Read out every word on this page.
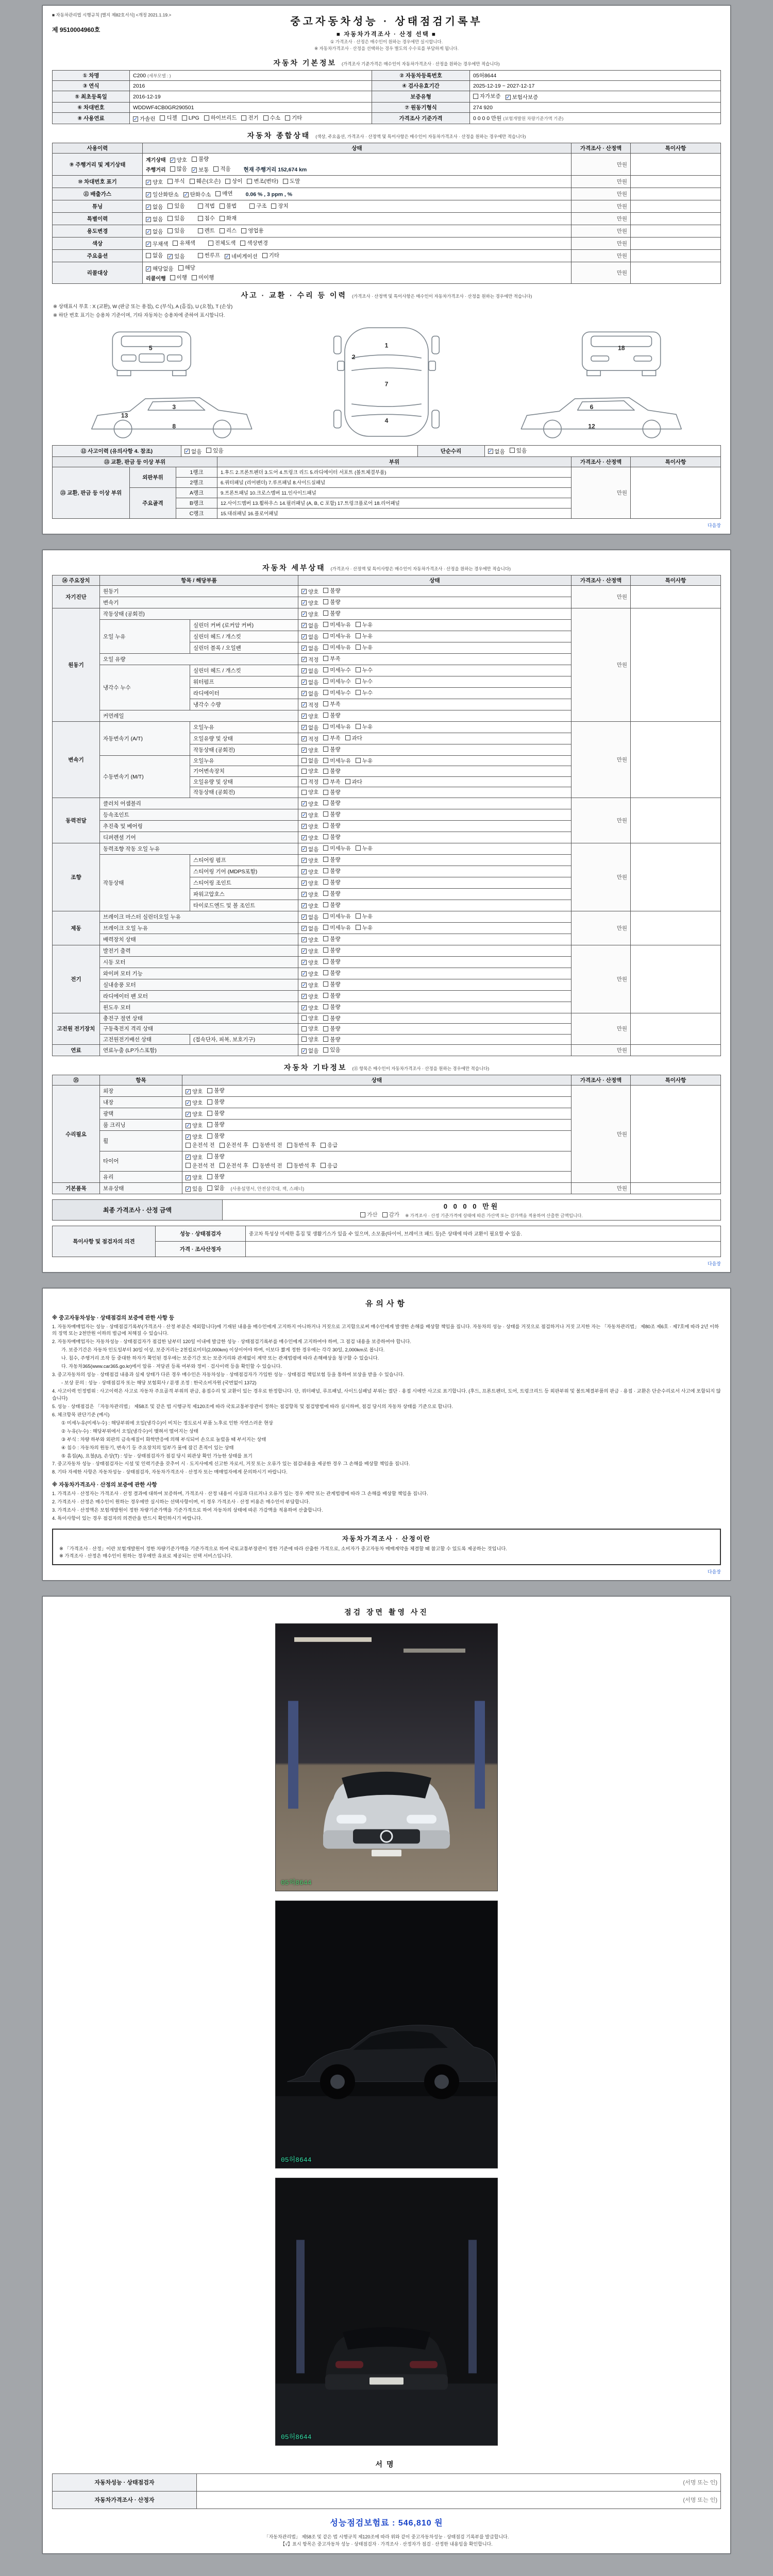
■ 자동차관리법 시행규칙 [별지 제82호서식] <개정 2021.1.19.>
제 9510004960호
중고자동차성능 · 상태점검기록부
■ 자동차가격조사 · 산정 선택 ■
① 가격조사 · 산정은 매수인이 원하는 경우에만 실시합니다.
※ 자동차가격조사 · 산정을 선택하는 경우 별도의 수수료를 부담하게 됩니다.
자동차 기본정보 (가격조사 기준가격은 매수인이 자동차가격조사 · 산정을 원하는 경우에만 적습니다)
① 차명	C200 (세부모델 : )	② 자동차등록번호	05허8644
③ 연식	2016	④ 검사유효기간	2025-12-19 ~ 2027-12-17
⑤ 최초등록일	2016-12-19	보증유형	자가보증 ✓ 보험사보증

⑥ 차대번호	WDDWF4CB0GR290501	⑦ 원동기형식	274 920
⑧ 사용연료	✓ 가솔린 디젤 LPG 하이브리드 전기 수소 기타	가격조사 기준가격	0 0 0 0 만원 (보험개발원 차량기준가액 기준)
자동차 종합상태 (색상, 주요옵션, 가격조사 · 산정액 및 특이사항은 매수인이 자동차가격조사 · 산정을 원하는 경우에만 적습니다)
사용이력	상태	가격조사 · 산정액	특이사항
⑨ 주행거리 및 계기상태	
계기상태 ✓ 양호 불량
주행거리 많음 ✓ 보통 적음 현재 주행거리 152,674 km
	만원	
⑩ 차대번호 표기	✓ 양호 부식 훼손(오손) 상이 변조(변타) 도말	만원	
⑪ 배출가스	✓ 일산화탄소 ✓ 탄화수소 매연 0.06 % , 3 ppm , %	만원	
튜닝	✓ 없음 있음	적법 불법	구조 장치	만원	
특별이력	✓ 없음 있음 침수 화재	만원	
용도변경	✓ 없음 있음	렌트 리스 영업용	만원	
색상	✓ 무채색 유채색 전체도색 색상변경	만원	
주요옵션	없음 ✓ 있음	썬루프 ✓ 네비게이션 기타	만원	
리콜대상	
✓ 해당없음 해당
리콜이행 이행 미이행
	만원	
사고 · 교환 · 수리 등 이력 (가격조사 · 산정액 및 특이사항은 매수인이 자동차가격조사 · 산정을 원하는 경우에만 적습니다)
※ 상태표시 부호 : X (교환), W (판금 또는 용접), C (부식), A (흠집), U (요철), T (손상)
※ 하단 번호 표기는 승용차 기준이며, 기타 자동차는 승용차에 준하여 표시합니다.
1
2
3
4
5
6
7
8	12
13
18
⑫ 사고이력 (유의사항 4. 참조)	✓ 없음 있음	단순수리	✓ 없음 있음
⑬ 교환, 판금 등 이상 부위			부위	가격조사 · 산정액	특이사항
⑬ 교환, 판금 등 이상 부위	외판부위	1랭크	1.후드 2.프론트펜더 3.도어 4.트렁크 리드 5.라디에이터 서포트 (볼트체결부품)	만원	
		2랭크	6.쿼터패널 (리어펜더) 7.루프패널 8.사이드실패널		
	주요골격	A랭크	9.프론트패널 10.크로스멤버 11.인사이드패널		
		B랭크	12.사이드멤버 13.휠하우스 14.필러패널 (A, B, C 포함) 17.트렁크플로어 18.리어패널		
		C랭크	15.대쉬패널 16.플로어패널		
다음장
자동차 세부상태 (가격조사 · 산정액 및 특이사항은 매수인이 자동차가격조사 · 산정을 원하는 경우에만 적습니다)
⑭ 주요장치	항목 / 해당부품		상태	가격조사 · 산정액	특이사항
자기진단	원동기		✓ 양호 불량	만원	
	변속기		✓ 양호 불량		

원동기	작동상태 (공회전)		✓ 양호 불량	만원	
	오일 누유	실린더 커버 (로커암 커버)	✓ 없음 미세누유 누유		

		실린더 헤드 / 개스킷	✓ 없음 미세누유 누유		

		실린더 블록 / 오일팬	✓ 없음 미세누유 누유		

	오일 유량		✓ 적정 부족		

	냉각수 누수	실린더 헤드 / 개스킷	✓ 없음 미세누수 누수		

		워터펌프	✓ 없음 미세누수 누수		

		라디에이터	✓ 없음 미세누수 누수		

		냉각수 수량	✓ 적정 부족		

	커먼레일		✓ 양호 불량		

변속기	자동변속기 (A/T)	오일누유	✓ 없음 미세누유 누유	만원	
		오일유량 및 상태	✓ 적정 부족 과다		

		작동상태 (공회전)	✓ 양호 불량		

	수동변속기 (M/T)	오일누유	없음 미세누유 누유		

		기어변속장치	양호 불량		

		오일유량 및 상태	적정 부족 과다		

		작동상태 (공회전)	양호 불량		

동력전달	클러치 어셈블리		✓ 양호 불량	만원	
	등속조인트		✓ 양호 불량		

	추진축 및 베어링		✓ 양호 불량		

	디퍼렌셜 기어		✓ 양호 불량		

조향	동력조향 작동 오일 누유		✓ 없음 미세누유 누유	만원	
	작동상태	스티어링 펌프	✓ 양호 불량		

		스티어링 기어 (MDPS포함)	✓ 양호 불량		

		스티어링 조인트	✓ 양호 불량		

		파워고압호스	✓ 양호 불량		

		타이로드엔드 및 볼 조인트	✓ 양호 불량		

제동	브레이크 마스터 실린더오일 누유		✓ 없음 미세누유 누유	만원	
	브레이크 오일 누유		✓ 없음 미세누유 누유		

	배력장치 상태		✓ 양호 불량		

전기	발전기 출력		✓ 양호 불량	만원	
	시동 모터		✓ 양호 불량		

	와이퍼 모터 기능		✓ 양호 불량		

	실내송풍 모터		✓ 양호 불량		

	라디에이터 팬 모터		✓ 양호 불량		

	윈도우 모터		✓ 양호 불량		

고전원 전기장치	충전구 절연 상태		양호 불량	만원	
	구동축전지 격리 상태		양호 불량		

	고전원전기배선 상태	(접속단자, 피복, 보호기구)	양호 불량		

연료	연료누출 (LP가스포함)		✓ 없음 있음	만원	
자동차 기타정보 (⑮ 항목은 매수인이 자동차가격조사 · 산정을 원하는 경우에만 적습니다)
⑮	항목	상태	가격조사 · 산정액	특이사항
수리필요	외장	✓ 양호 불량	만원	
	내장	✓ 양호 불량		

	광택	✓ 양호 불량		

	룸 크리닝	✓ 양호 불량		

휠	
✓ 양호 불량
운전석 전 운전석 후 동반석 전 동반석 후 응급

타이어	
✓ 양호 불량
운전석 전 운전석 후 동반석 전 동반석 후 응급

	유리	✓ 양호 불량		

기본품목	보유상태	✓ 있음 없음 (사용설명서, 안전삼각대, 잭, 스패너)	만원	
최종 가격조사 · 산정 금액	0 0 0 0 만원
가산 감가 ※ 가격조사 · 산정 기준가격에 상태에 따른 가산액 또는 감가액을 적용하여 산출한 금액입니다.
특이사항 및 점검자의 의견	성능 · 상태점검자	중고차 특성상 미세한 흠집 및 생활기스가 있을 수 있으며, 소모품(타이어, 브레이크 패드 등)은 상태에 따라 교환이 필요할 수 있음.
	가격 · 조사산정자	
다음장
유의사항
※ 중고자동차성능 · 상태점검의 보증에 관한 사항 등
1. 자동차매매업자는 성능 · 상태점검기록부(가격조사 · 산정 부분은 제외합니다)에 기재된 내용을 매수인에게 고지하지 아니하거나 거짓으로 고지함으로써 매수인에게 발생한 손해를 배상할 책임을 집니다. 자동차의 성능 · 상태를 거짓으로 점검하거나 거짓 고지한 자는 「자동차관리법」 제80조 제6호 · 제7호에 따라 2년 이하의 징역 또는 2천만원 이하의 벌금에 처해질 수 있습니다.
2. 자동차매매업자는 자동차성능 · 상태점검자가 점검한 날부터 120일 이내에 발급한 성능 · 상태점검기록부를 매수인에게 고지하여야 하며, 그 점검 내용을 보증하여야 합니다.
가. 보증기간은 자동차 인도일부터 30일 이상, 보증거리는 2천킬로미터(2,000km) 이상이어야 하며, 이보다 짧게 정한 경우에는 각각 30일, 2,000km로 봅니다.
나. 침수, 주행거리 조작 등 중대한 하자가 확인된 경우에는 보증기간 또는 보증거리와 관계없이 계약 또는 관계법령에 따라 손해배상을 청구할 수 있습니다.
다. 자동차365(www.car365.go.kr)에서 압류 · 저당권 등록 여부와 정비 · 검사이력 등을 확인할 수 있습니다.
3. 중고자동차의 성능 · 상태점검 내용과 실제 상태가 다른 경우 매수인은 자동차성능 · 상태점검자가 가입한 성능 · 상태점검 책임보험 등을 통하여 보상을 받을 수 있습니다.
- 보상 문의 : 성능 · 상태점검자 또는 해당 보험회사 / 분쟁 조정 : 한국소비자원 (국번없이 1372)
4. 사고이력 인정범위 : 사고이력은 사고로 자동차 주요골격 부위의 판금, 용접수리 및 교환이 있는 경우로 한정합니다. 단, 쿼터패널, 루프패널, 사이드실패널 부위는 절단 · 용접 시에만 사고로 표기합니다. (후드, 프론트펜더, 도어, 트렁크리드 등 외판부위 및 볼트체결부품의 판금 · 용접 · 교환은 단순수리로서 사고에 포함되지 않습니다)
5. 성능 · 상태점검은 「자동차관리법」 제58조 및 같은 법 시행규칙 제120조에 따라 국토교통부장관이 정하는 점검항목 및 점검방법에 따라 실시하며, 점검 당시의 자동차 상태를 기준으로 합니다.
6. 체크항목 판단기준 (예시)
① 미세누유(미세누수) : 해당부위에 오일(냉각수)이 비치는 정도로서 부품 노후로 인한 자연스러운 현상
② 누유(누수) : 해당부위에서 오일(냉각수)이 맺혀서 떨어지는 상태
③ 부식 : 차량 하부와 외판의 금속재질이 화학반응에 의해 부식되어 손으로 눌렀을 때 부서지는 상태
④ 침수 : 자동차의 원동기, 변속기 등 주요장치의 일부가 물에 잠긴 흔적이 있는 상태
⑤ 흠집(A), 요철(U), 손상(T) : 성능 · 상태점검자가 점검 당시 외관상 확인 가능한 상태를 표기
7. 중고자동차 성능 · 상태점검자는 시설 및 인력기준을 갖추어 시 · 도지사에게 신고한 자로서, 거짓 또는 오류가 있는 점검내용을 제공한 경우 그 손해를 배상할 책임을 집니다.
8. 기타 자세한 사항은 자동차성능 · 상태점검자, 자동차가격조사 · 산정자 또는 매매업자에게 문의하시기 바랍니다.
※ 자동차가격조사 · 산정의 보증에 관한 사항
1. 가격조사 · 산정자는 가격조사 · 산정 결과에 대하여 보증하며, 가격조사 · 산정 내용이 사실과 다르거나 오류가 있는 경우 계약 또는 관계법령에 따라 그 손해를 배상할 책임을 집니다.
2. 가격조사 · 산정은 매수인이 원하는 경우에만 실시하는 선택사항이며, 이 경우 가격조사 · 산정 비용은 매수인이 부담합니다.
3. 가격조사 · 산정액은 보험개발원이 정한 차량기준가액을 기준가격으로 하여 자동차의 상태에 따른 가감액을 적용하여 산출합니다.
4. 특이사항이 있는 경우 점검자의 의견란을 반드시 확인하시기 바랍니다.
자동차가격조사 · 산정이란
※ 「가격조사 · 산정」이란 보험개발원이 정한 차량기준가액을 기준가격으로 하여 국토교통부장관이 정한 기준에 따라 산출한 가격으로, 소비자가 중고자동차 매매계약을 체결할 때 참고할 수 있도록 제공하는 것입니다.
※ 가격조사 · 산정은 매수인이 원하는 경우에만 유료로 제공되는 선택 서비스입니다.
다음장
점검 장면 촬영 사진
05허8644
05허8644
05허8644
서명
자동차성능 · 상태점검자	(서명 또는 인)
자동차가격조사 · 산정자	(서명 또는 인)
성능점검보험료 : 546,810 원
「자동차관리법」 제58조 및 같은 법 시행규칙 제120조에 따라 위와 같이 중고자동차성능 · 상태점검 기록부를 발급합니다.
【√】표시 항목은 중고자동차 성능 · 상태점검자 · 가격조사 · 산정자가 점검 · 산정한 내용임을 확인합니다.
